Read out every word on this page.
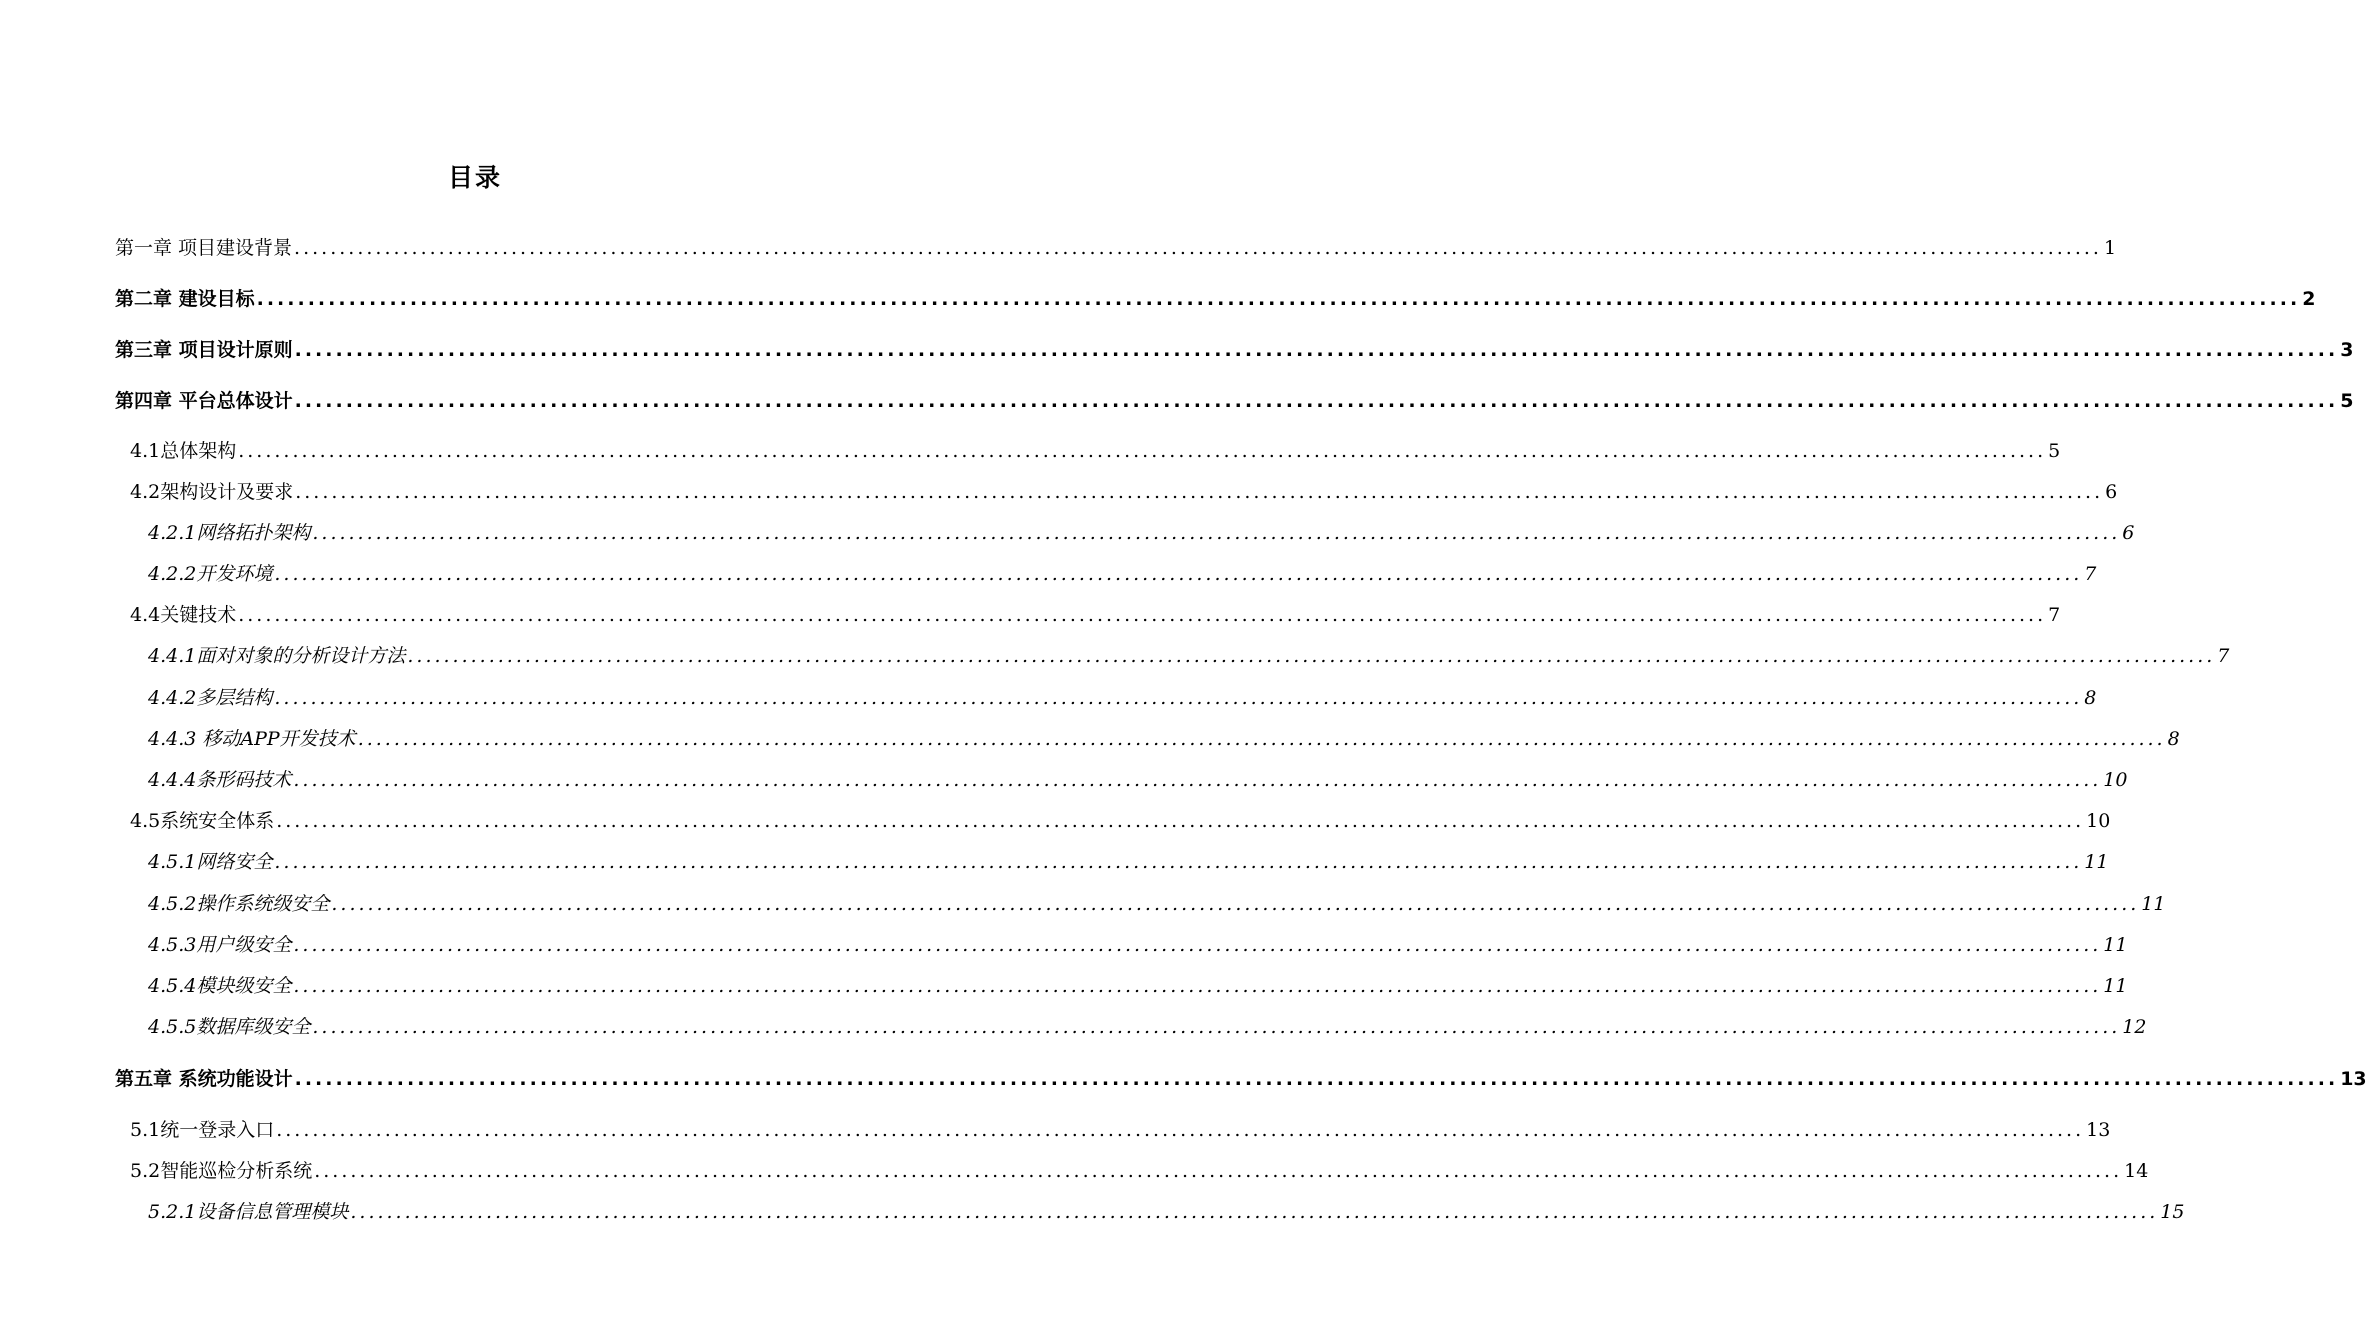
目录
第一章 项目建设背景 ........................................................................................................................................................................................................ 1
第二章 建设目标 ........................................................................................................................................................................................................ 2
第三章 项目设计原则 ........................................................................................................................................................................................................ 3
第四章 平台总体设计 ........................................................................................................................................................................................................ 5
4.1总体架构 ........................................................................................................................................................................................................ 5
4.2架构设计及要求 ........................................................................................................................................................................................................ 6
4.2.1网络拓扑架构 ........................................................................................................................................................................................................ 6
4.2.2开发环境 ........................................................................................................................................................................................................ 7
4.4关键技术 ........................................................................................................................................................................................................ 7
4.4.1面对对象的分析设计方法 ........................................................................................................................................................................................................ 7
4.4.2多层结构 ........................................................................................................................................................................................................ 8
4.4.3 移动APP开发技术 ........................................................................................................................................................................................................ 8
4.4.4条形码技术 ........................................................................................................................................................................................................ 10
4.5系统安全体系 ........................................................................................................................................................................................................ 10
4.5.1网络安全 ........................................................................................................................................................................................................ 11
4.5.2操作系统级安全 ........................................................................................................................................................................................................ 11
4.5.3用户级安全 ........................................................................................................................................................................................................ 11
4.5.4模块级安全 ........................................................................................................................................................................................................ 11
4.5.5数据库级安全 ........................................................................................................................................................................................................ 12
第五章 系统功能设计 ........................................................................................................................................................................................................ 13
5.1统一登录入口 ........................................................................................................................................................................................................ 13
5.2智能巡检分析系统 ........................................................................................................................................................................................................ 14
5.2.1设备信息管理模块 ........................................................................................................................................................................................................ 15
